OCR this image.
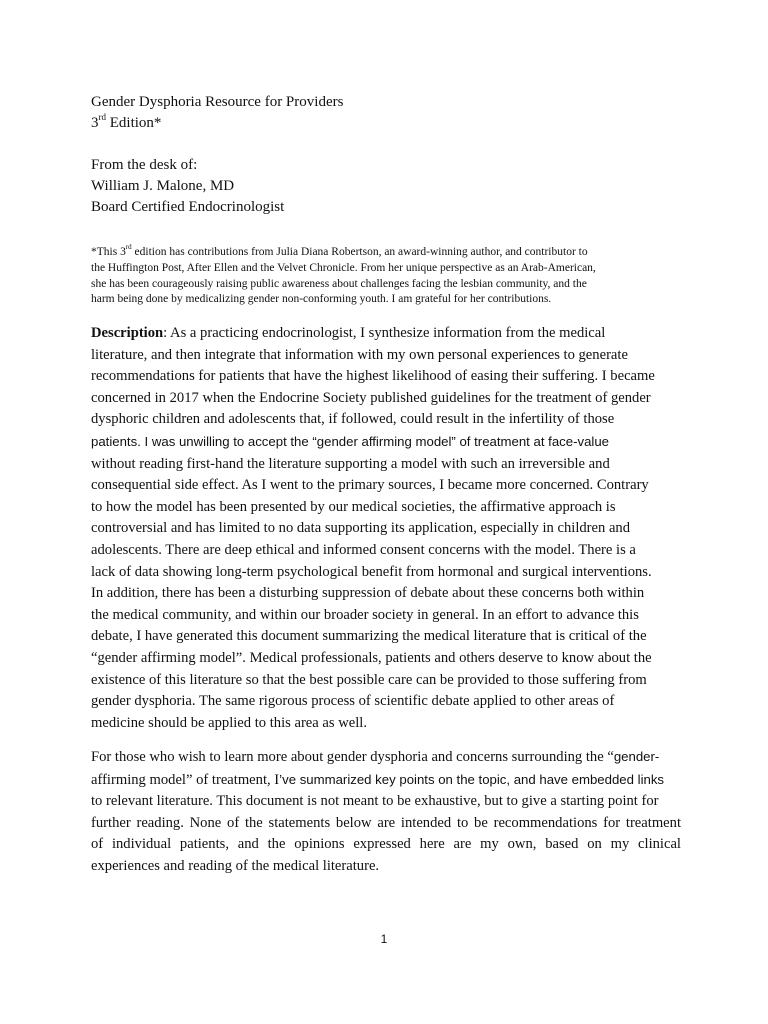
Gender Dysphoria Resource for Providers
3rd Edition*
From the desk of:
William J. Malone, MD
Board Certified Endocrinologist
*This 3rd edition has contributions from Julia Diana Robertson, an award-winning author, and contributor to
the Huffington Post, After Ellen and the Velvet Chronicle. From her unique perspective as an Arab-American,
she has been courageously raising public awareness about challenges facing the lesbian community, and the
harm being done by medicalizing gender non-conforming youth. I am grateful for her contributions.
Description: As a practicing endocrinologist, I synthesize information from the medical
literature, and then integrate that information with my own personal experiences to generate
recommendations for patients that have the highest likelihood of easing their suffering. I became
concerned in 2017 when the Endocrine Society published guidelines for the treatment of gender
dysphoric children and adolescents that, if followed, could result in the infertility of those
patients. I was unwilling to accept the “gender affirming model” of treatment at face-value
without reading first-hand the literature supporting a model with such an irreversible and
consequential side effect. As I went to the primary sources, I became more concerned. Contrary
to how the model has been presented by our medical societies, the affirmative approach is
controversial and has limited to no data supporting its application, especially in children and
adolescents. There are deep ethical and informed consent concerns with the model. There is a
lack of data showing long-term psychological benefit from hormonal and surgical interventions.
In addition, there has been a disturbing suppression of debate about these concerns both within
the medical community, and within our broader society in general. In an effort to advance this
debate, I have generated this document summarizing the medical literature that is critical of the
“gender affirming model”. Medical professionals, patients and others deserve to know about the
existence of this literature so that the best possible care can be provided to those suffering from
gender dysphoria. The same rigorous process of scientific debate applied to other areas of
medicine should be applied to this area as well.
For those who wish to learn more about gender dysphoria and concerns surrounding the “gender-
affirming model” of treatment, I’ve summarized key points on the topic, and have embedded links
to relevant literature. This document is not meant to be exhaustive, but to give a starting point for
further reading. None of the statements below are intended to be recommendations for treatment
of individual patients, and the opinions expressed here are my own, based on my clinical
experiences and reading of the medical literature.
1
